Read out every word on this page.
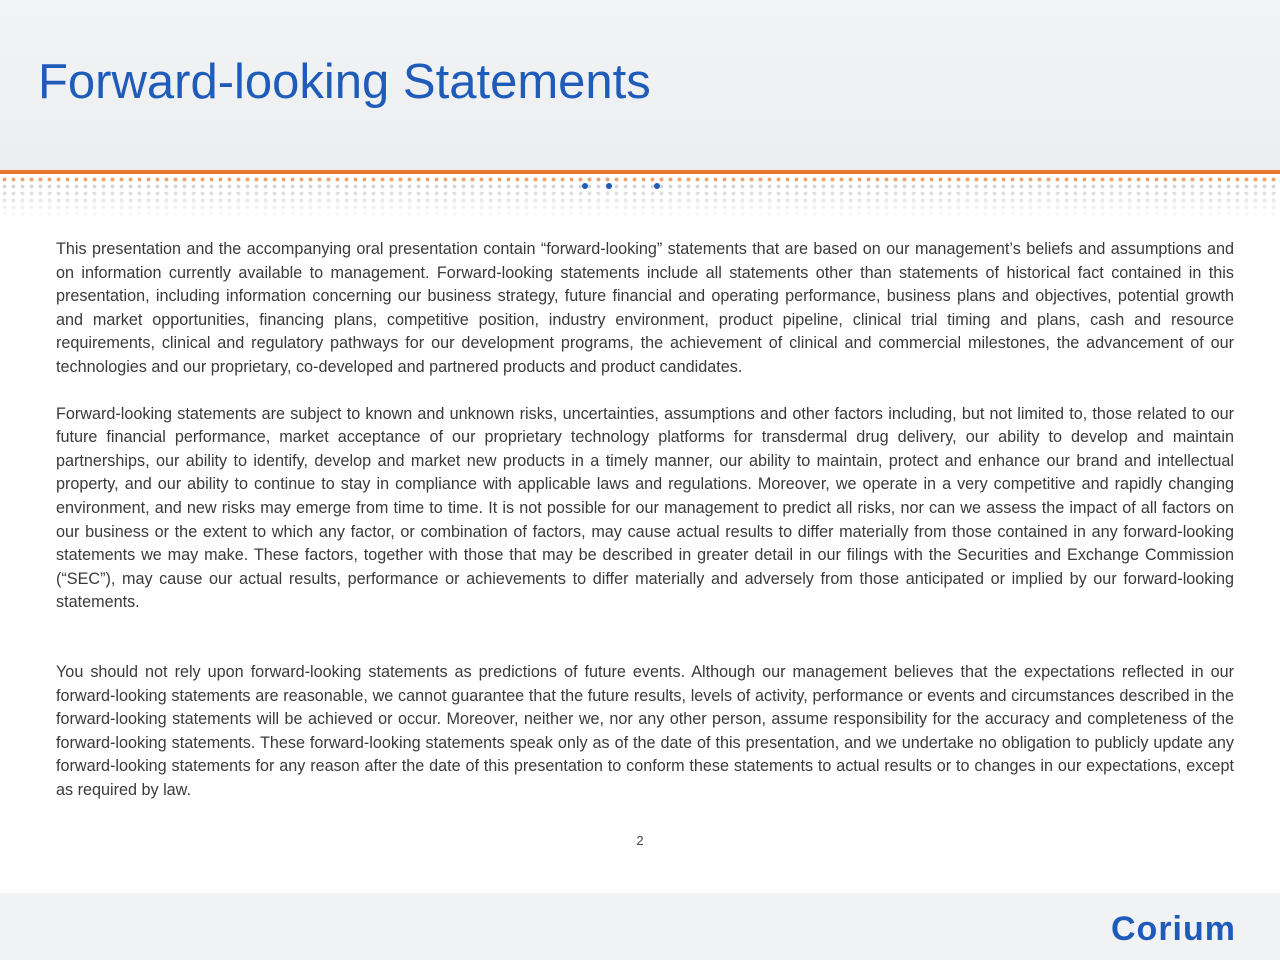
Forward-looking Statements

This presentation and the accompanying oral presentation contain “forward-looking” statements that are based on our management’s beliefs and assumptions and on information currently available to management. Forward-looking statements include all statements other than statements of historical fact contained in this presentation, including information concerning our business strategy, future financial and operating performance, business plans and objectives, potential growth and market opportunities, financing plans, competitive position, industry environment, product pipeline, clinical trial timing and plans, cash and resource requirements, clinical and regulatory pathways for our development programs, the achievement of clinical and commercial milestones, the advancement of our technologies and our proprietary, co-developed and partnered products and product candidates.

Forward-looking statements are subject to known and unknown risks, uncertainties, assumptions and other factors including, but not limited to, those related to our future financial performance, market acceptance of our proprietary technology platforms for transdermal drug delivery, our ability to develop and maintain partnerships, our ability to identify, develop and market new products in a timely manner, our ability to maintain, protect and enhance our brand and intellectual property, and our ability to continue to stay in compliance with applicable laws and regulations. Moreover, we operate in a very competitive and rapidly changing environment, and new risks may emerge from time to time. It is not possible for our management to predict all risks, nor can we assess the impact of all factors on our business or the extent to which any factor, or combination of factors, may cause actual results to differ materially from those contained in any forward-looking statements we may make. These factors, together with those that may be described in greater detail in our filings with the Securities and Exchange Commission (“SEC”), may cause our actual results, performance or achievements to differ materially and adversely from those anticipated or implied by our forward-looking statements.

You should not rely upon forward-looking statements as predictions of future events. Although our management believes that the expectations reflected in our forward-looking statements are reasonable, we cannot guarantee that the future results, levels of activity, performance or events and circumstances described in the forward-looking statements will be achieved or occur. Moreover, neither we, nor any other person, assume responsibility for the accuracy and completeness of the forward-looking statements. These forward-looking statements speak only as of the date of this presentation, and we undertake no obligation to publicly update any forward-looking statements for any reason after the date of this presentation to conform these statements to actual results or to changes in our expectations, except as required by law.

2
Corium
